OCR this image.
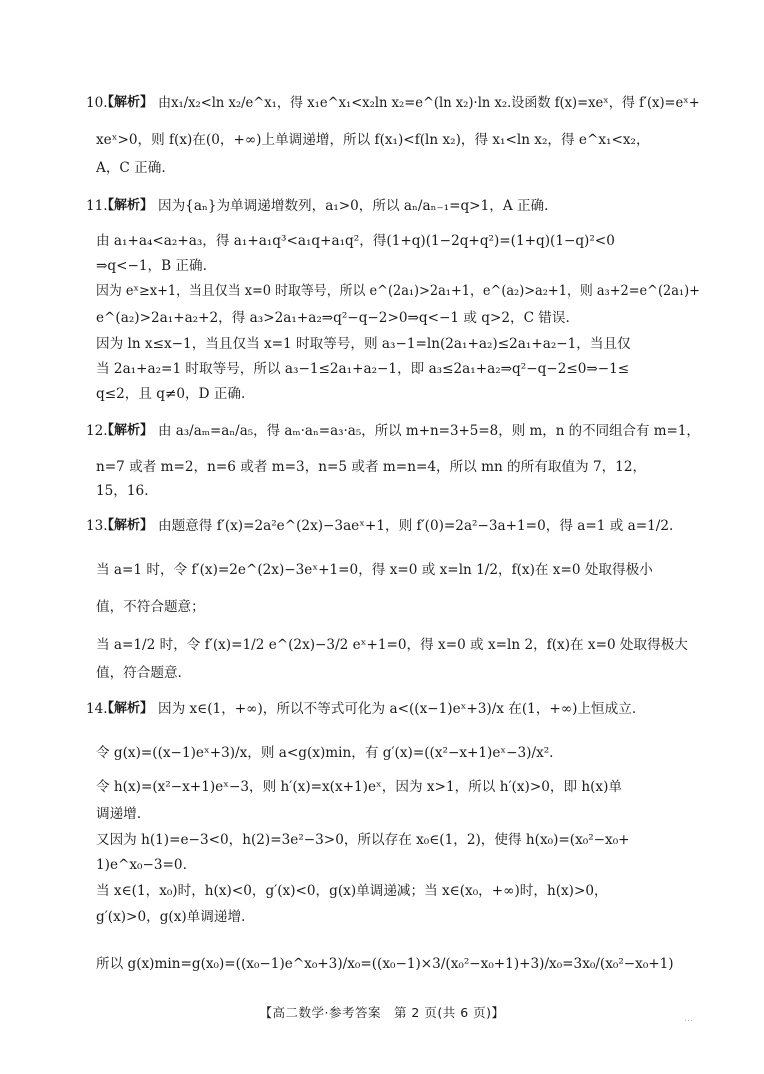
10.
【解析】 由x₁/x₂<ln x₂/e^x₁，得 x₁e^x₁<x₂ln x₂=e^(ln x₂)·ln x₂.设函数 f(x)=xeˣ，得 f′(x)=eˣ+
xeˣ>0，则 f(x)在(0，+∞)上单调递增，所以 f(x₁)<f(ln x₂)，得 x₁<ln x₂，得 e^x₁<x₂，
A，C 正确.
11.
【解析】 因为{aₙ}为单调递增数列，a₁>0，所以 aₙ/aₙ₋₁=q>1，A 正确.
由 a₁+a₄<a₂+a₃，得 a₁+a₁q³<a₁q+a₁q²，得(1+q)(1−2q+q²)=(1+q)(1−q)²<0
⇒q<−1，B 正确.
因为 eˣ≥x+1，当且仅当 x=0 时取等号，所以 e^(2a₁)>2a₁+1，e^(a₂)>a₂+1，则 a₃+2=e^(2a₁)+
e^(a₂)>2a₁+a₂+2，得 a₃>2a₁+a₂⇒q²−q−2>0⇒q<−1 或 q>2，C 错误.
因为 ln x≤x−1，当且仅当 x=1 时取等号，则 a₃−1=ln(2a₁+a₂)≤2a₁+a₂−1，当且仅
当 2a₁+a₂=1 时取等号，所以 a₃−1≤2a₁+a₂−1，即 a₃≤2a₁+a₂⇒q²−q−2≤0⇒−1≤
q≤2，且 q≠0，D 正确.
12.
【解析】 由 a₃/aₘ=aₙ/a₅，得 aₘ·aₙ=a₃·a₅，所以 m+n=3+5=8，则 m，n 的不同组合有 m=1，
n=7 或者 m=2，n=6 或者 m=3，n=5 或者 m=n=4，所以 mn 的所有取值为 7，12，
15，16.
13.
【解析】 由题意得 f′(x)=2a²e^(2x)−3aeˣ+1，则 f′(0)=2a²−3a+1=0，得 a=1 或 a=1/2.
当 a=1 时，令 f′(x)=2e^(2x)−3eˣ+1=0，得 x=0 或 x=ln 1/2，f(x)在 x=0 处取得极小
值，不符合题意；
当 a=1/2 时，令 f′(x)=1/2 e^(2x)−3/2 eˣ+1=0，得 x=0 或 x=ln 2，f(x)在 x=0 处取得极大
值，符合题意.
14.
【解析】 因为 x∈(1，+∞)，所以不等式可化为 a<((x−1)eˣ+3)/x 在(1，+∞)上恒成立.
令 g(x)=((x−1)eˣ+3)/x，则 a<g(x)min，有 g′(x)=((x²−x+1)eˣ−3)/x².
令 h(x)=(x²−x+1)eˣ−3，则 h′(x)=x(x+1)eˣ，因为 x>1，所以 h′(x)>0，即 h(x)单
调递增.
又因为 h(1)=e−3<0，h(2)=3e²−3>0，所以存在 x₀∈(1，2)，使得 h(x₀)=(x₀²−x₀+
1)e^x₀−3=0.
当 x∈(1，x₀)时，h(x)<0，g′(x)<0，g(x)单调递减；当 x∈(x₀，+∞)时，h(x)>0，
g′(x)>0，g(x)单调递增.
所以 g(x)min=g(x₀)=((x₀−1)e^x₀+3)/x₀=((x₀−1)×3/(x₀²−x₀+1)+3)/x₀=3x₀/(x₀²−x₀+1)
【高二数学·参考答案　第 2 页(共 6 页)】	…
